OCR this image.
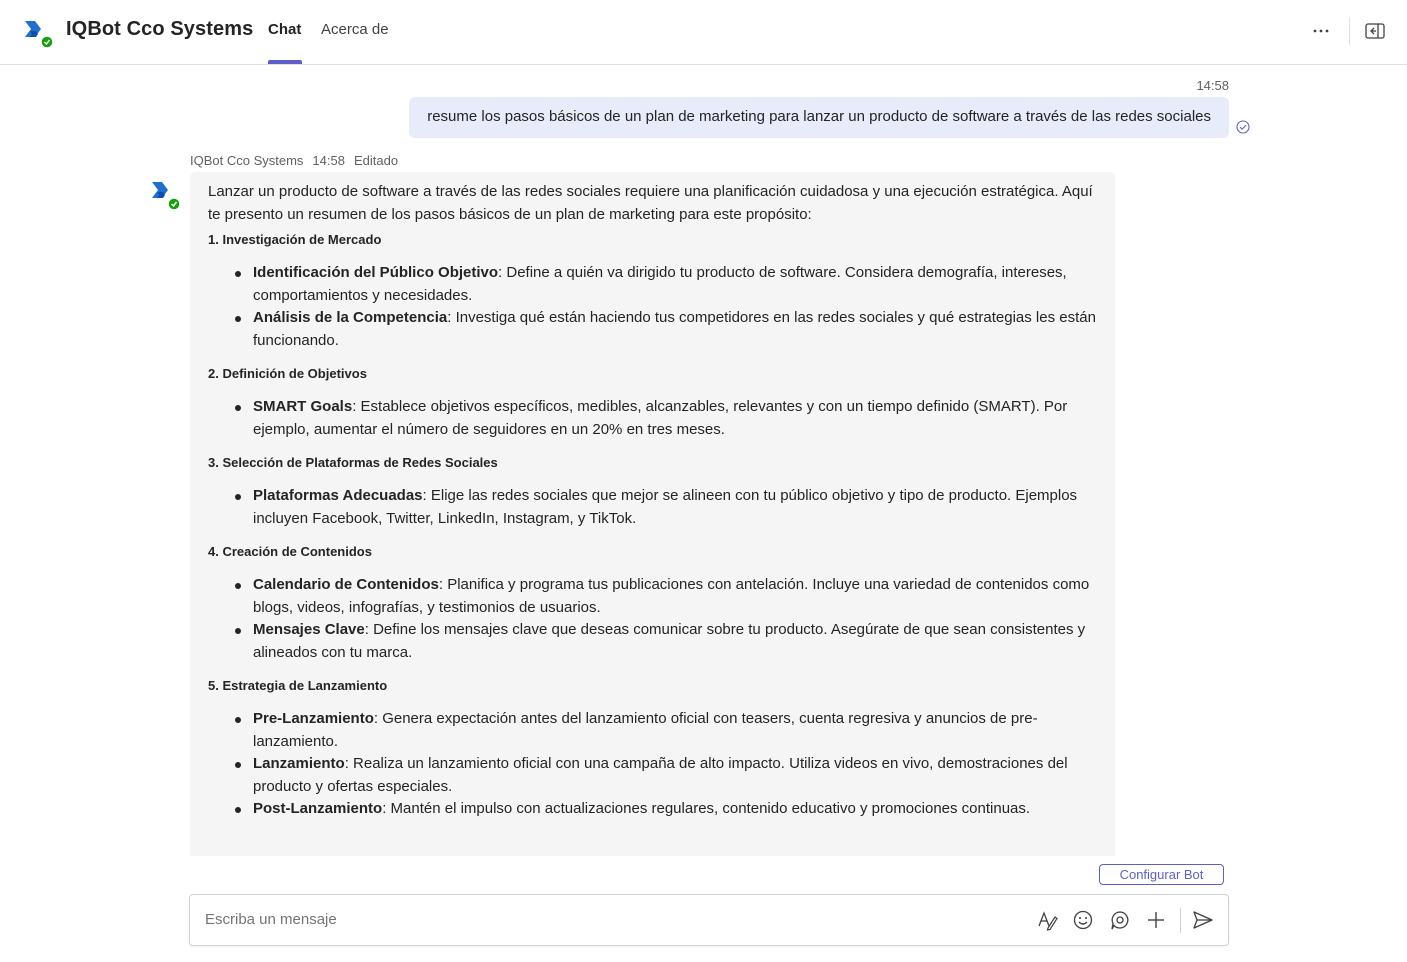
IQBot Cco Systems Chat Acerca de
14:58
resume los pasos básicos de un plan de marketing para lanzar un producto de software a través de las redes sociales
IQBot Cco Systems 14:58 Editado

Lanzar un producto de software a través de las redes sociales requiere una planificación cuidadosa y una ejecución estratégica. Aquí te presento un resumen de los pasos básicos de un plan de marketing para este propósito:

1. Investigación de Mercado
Identificación del Público Objetivo: Define a quién va dirigido tu producto de software. Considera demografía, intereses, comportamientos y necesidades.
Análisis de la Competencia: Investiga qué están haciendo tus competidores en las redes sociales y qué estrategias les están funcionando.
2. Definición de Objetivos
SMART Goals: Establece objetivos específicos, medibles, alcanzables, relevantes y con un tiempo definido (SMART). Por ejemplo, aumentar el número de seguidores en un 20% en tres meses.
3. Selección de Plataformas de Redes Sociales
Plataformas Adecuadas: Elige las redes sociales que mejor se alineen con tu público objetivo y tipo de producto. Ejemplos incluyen Facebook, Twitter, LinkedIn, Instagram, y TikTok.
4. Creación de Contenidos
Calendario de Contenidos: Planifica y programa tus publicaciones con antelación. Incluye una variedad de contenidos como blogs, videos, infografías, y testimonios de usuarios.
Mensajes Clave: Define los mensajes clave que deseas comunicar sobre tu producto. Asegúrate de que sean consistentes y alineados con tu marca.
5. Estrategia de Lanzamiento
Pre-Lanzamiento: Genera expectación antes del lanzamiento oficial con teasers, cuenta regresiva y anuncios de pre-lanzamiento.
Lanzamiento: Realiza un lanzamiento oficial con una campaña de alto impacto. Utiliza videos en vivo, demostraciones del producto y ofertas especiales.
Post-Lanzamiento: Mantén el impulso con actualizaciones regulares, contenido educativo y promociones continuas.
Configurar Bot
Escriba un mensaje
